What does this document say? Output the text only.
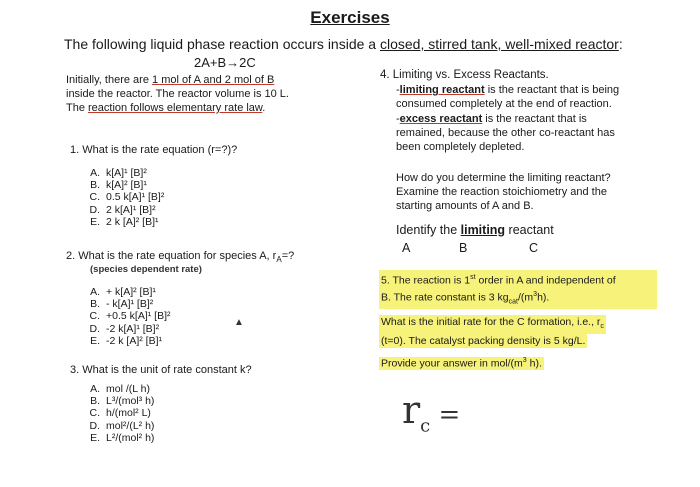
Exercises
The following liquid phase reaction occurs inside a closed, stirred tank, well-mixed reactor:
2A+B→2C
Initially, there are 1 mol of A and 2 mol of B
inside the reactor. The reactor volume is 10 L.
The reaction follows elementary rate law.
1. What is the rate equation (r=?)?
A. k[A]¹ [B]²
B. k[A]² [B]¹
C. 0.5 k[A]¹ [B]²
D. 2 k[A]¹ [B]²
E. 2 k [A]² [B]¹
2. What is the rate equation for species A, $r_A=$?
(species dependent rate)
A. + k[A]² [B]¹
B. - k[A]¹ [B]²
C. +0.5 k[A]¹ [B]²
D. -2 k[A]¹ [B]²
E. -2 k [A]² [B]¹
▲
3. What is the unit of rate constant k?
A. mol /(L h)
B. L³/(mol³ h)
C. h/(mol² L)
D. mol²/(L² h)
E. L²/(mol² h)
4. Limiting vs. Excess Reactants.
-limiting reactant is the reactant that is being
consumed completely at the end of reaction.
-excess reactant is the reactant that is
remained, because the other co-reactant has
been completely depleted.
How do you determine the limiting reactant?
Examine the reaction stoichiometry and the
starting amounts of A and B.
Identify the limiting reactant
A	B	C
5. The reaction is 1st order in A and independent of
B. The rate constant is 3 $kg_{cat}/(m^3h)$.
What is the initial rate for the C formation, i.e., $r_c$
(t=0). The catalyst packing density is 5 kg/L.
Provide your answer in mol/($m^3$ h).
$r_c$ =
